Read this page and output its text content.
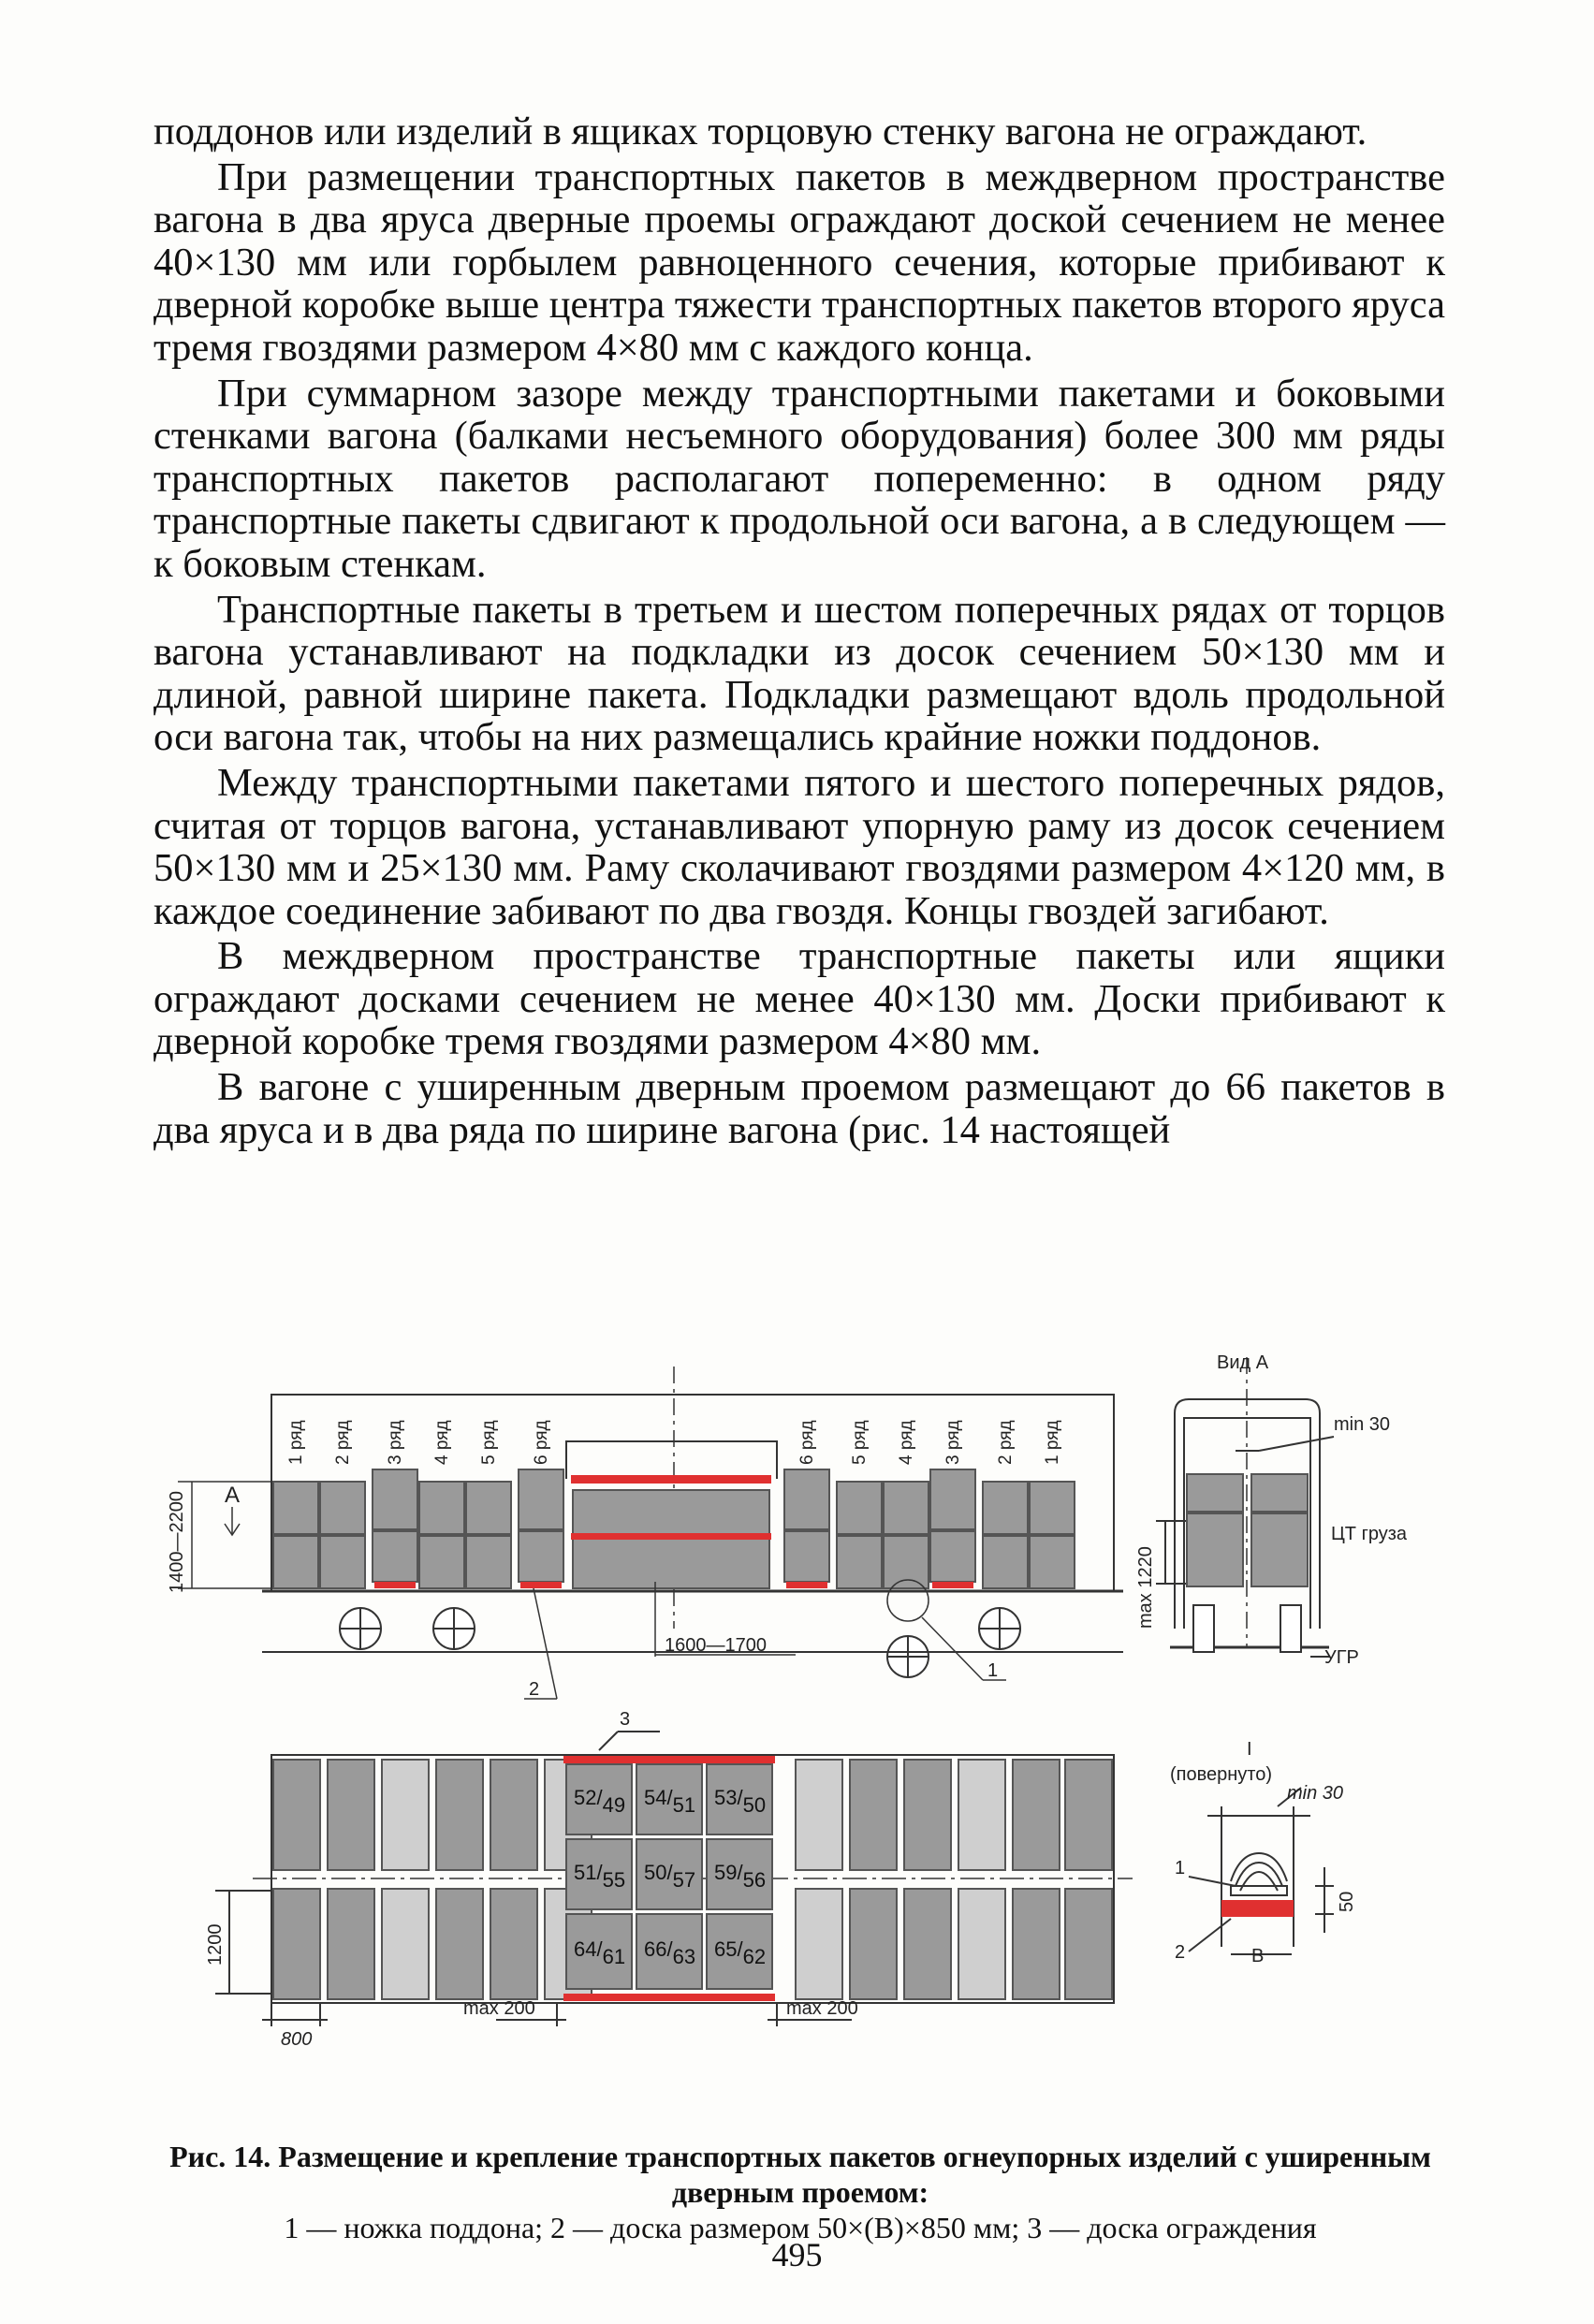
поддонов или изделий в ящиках торцовую стенку вагона не ограждают.

При размещении транспортных пакетов в междверном пространстве вагона в два яруса дверные проемы ограждают доской сечением не менее 40×130 мм или горбылем равноценного сечения, которые прибивают к дверной коробке выше центра тяжести транспортных пакетов второго яруса тремя гвоздями размером 4×80 мм с каждого конца.

При суммарном зазоре между транспортными пакетами и боковыми стенками вагона (балками несъемного оборудования) более 300 мм ряды транспортных пакетов располагают попеременно: в одном ряду транспортные пакеты сдвигают к продольной оси вагона, а в следующем — к боковым стенкам.

Транспортные пакеты в третьем и шестом поперечных рядах от торцов вагона устанавливают на подкладки из досок сечением 50×130 мм и длиной, равной ширине пакета. Подкладки размещают вдоль продольной оси вагона так, чтобы на них размещались крайние ножки поддонов.

Между транспортными пакетами пятого и шестого поперечных рядов, считая от торцов вагона, устанавливают упорную раму из досок сечением 50×130 мм и 25×130 мм. Раму сколачивают гвоздями размером 4×120 мм, в каждое соединение забивают по два гвоздя. Концы гвоздей загибают.

В междверном пространстве транспортные пакеты или ящики ограждают досками сечением не менее 40×130 мм. Доски прибивают к дверной коробке тремя гвоздями размером 4×80 мм.

В вагоне с уширенным дверным проемом размещают до 66 пакетов в два яруса и в два ряда по ширине вагона (рис. 14 настоящей

1 ряд 2 ряд 3 ряд 4 ряд 5 ряд 6 ряд	6 ряд 5 ряд 4 ряд 3 ряд 2 ряд 1 ряд
1400—2200 А
1600—1700
2
1
Вид А
min 30
ЦТ груза
max 1220
УГР
52/49 54/51 53/50
51/55 50/57 59/56
64/61 66/63 65/62
3
1200
800
max 200	max 200
I
(повернуто)
min 30
50
В
1
2
Рис. 14. Размещение и крепление транспортных пакетов огнеупорных изделий с уширенным дверным проемом:
1 — ножка поддона; 2 — доска размером 50×(В)×850 мм; 3 — доска ограждения
495
